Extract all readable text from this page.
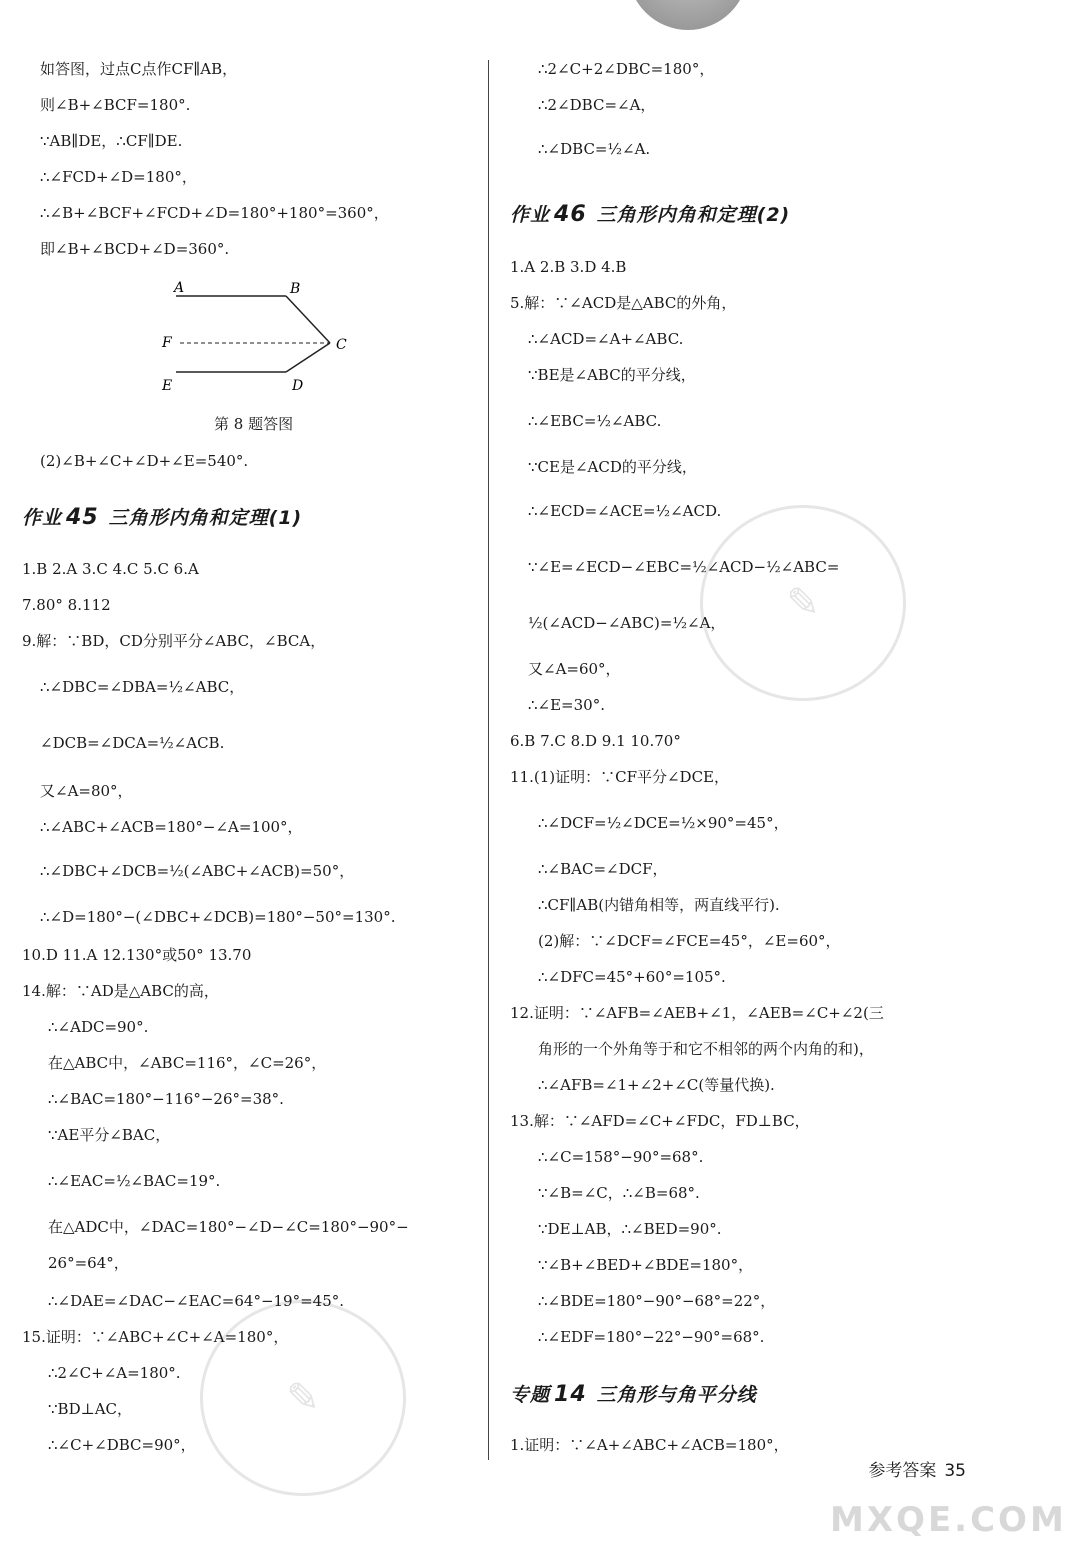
✎
✎
MXQE.COM
如答图，过点C点作CF∥AB，
则∠B+∠BCF=180°.
∵AB∥DE，∴CF∥DE.
∴∠FCD+∠D=180°，
∴∠B+∠BCF+∠FCD+∠D=180°+180°=360°，
即∠B+∠BCD+∠D=360°.
A	B
F	C
E	D
第 8 题答图
(2)∠B+∠C+∠D+∠E=540°.
作业 45 三角形内角和定理(1)
1.B 2.A 3.C 4.C 5.C 6.A
7.80° 8.112
9.解：∵BD，CD分别平分∠ABC，∠BCA，
∴∠DBC=∠DBA=½∠ABC，
∠DCB=∠DCA=½∠ACB.
又∠A=80°，
∴∠ABC+∠ACB=180°−∠A=100°，
∴∠DBC+∠DCB=½(∠ABC+∠ACB)=50°，
∴∠D=180°−(∠DBC+∠DCB)=180°−50°=130°.
10.D 11.A 12.130°或50° 13.70
14.解：∵AD是△ABC的高，
∴∠ADC=90°.
在△ABC中，∠ABC=116°，∠C=26°，
∴∠BAC=180°−116°−26°=38°.
∵AE平分∠BAC，
∴∠EAC=½∠BAC=19°.
在△ADC中，∠DAC=180°−∠D−∠C=180°−90°−
26°=64°，
∴∠DAE=∠DAC−∠EAC=64°−19°=45°.
15.证明：∵∠ABC+∠C+∠A=180°，
∴2∠C+∠A=180°.
∵BD⊥AC，
∴∠C+∠DBC=90°，
∴2∠C+2∠DBC=180°，
∴2∠DBC=∠A，
∴∠DBC=½∠A.
作业 46 三角形内角和定理(2)
1.A 2.B 3.D 4.B
5.解：∵∠ACD是△ABC的外角，
∴∠ACD=∠A+∠ABC.
∵BE是∠ABC的平分线，
∴∠EBC=½∠ABC.
∵CE是∠ACD的平分线，
∴∠ECD=∠ACE=½∠ACD.
∵∠E=∠ECD−∠EBC=½∠ACD−½∠ABC=
½(∠ACD−∠ABC)=½∠A，
又∠A=60°，
∴∠E=30°.
6.B 7.C 8.D 9.1 10.70°
11.(1)证明：∵CF平分∠DCE，
∴∠DCF=½∠DCE=½×90°=45°，
∴∠BAC=∠DCF，
∴CF∥AB(内错角相等，两直线平行).
(2)解：∵∠DCF=∠FCE=45°，∠E=60°，
∴∠DFC=45°+60°=105°.
12.证明：∵∠AFB=∠AEB+∠1，∠AEB=∠C+∠2(三
角形的一个外角等于和它不相邻的两个内角的和)，
∴∠AFB=∠1+∠2+∠C(等量代换).
13.解：∵∠AFD=∠C+∠FDC，FD⊥BC，
∴∠C=158°−90°=68°.
∵∠B=∠C，∴∠B=68°.
∵DE⊥AB，∴∠BED=90°.
∵∠B+∠BED+∠BDE=180°，
∴∠BDE=180°−90°−68°=22°，
∴∠EDF=180°−22°−90°=68°.
专题 14 三角形与角平分线
1.证明：∵∠A+∠ABC+∠ACB=180°，
参考答案 35
